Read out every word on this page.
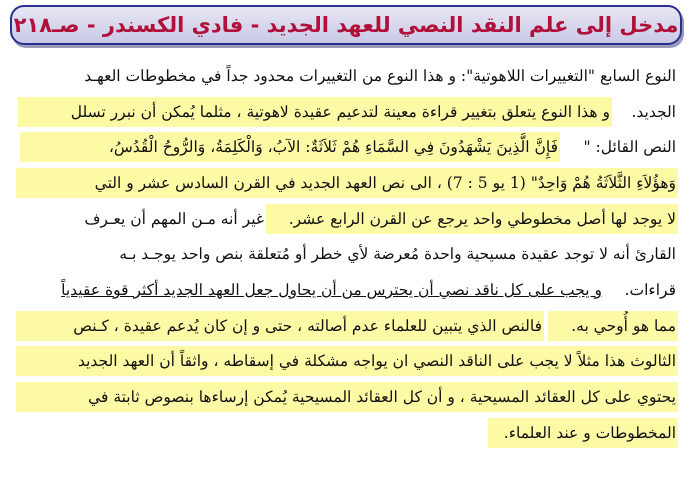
مدخل إلى علم النقد النصي للعهد الجديد - فادي الكسندر - صـ٢١٨
النوع السابع "التغييرات اللاهوتية": و هذا النوع من التغييرات محدود جداً في مخطوطات العهـد
الجديد.
و هذا النوع يتعلق بتغيير قراءة معينة لتدعيم عقيدة لاهوتية ، مثلما يُمكن أن نبرر تسلل
النص القائل: "
فَإِنَّ الَّذِينَ يَشْهَدُونَ فِي السَّمَاءِ هُمْ ثَلاَثَةٌ: الآبُ، وَالْكَلِمَةُ، وَالرُّوحُ الْقُدُسُ،
وَهؤُلاَءِ الثَّلاَثَةُ هُمْ وَاحِدٌ" (1 يو 5 : 7) ، الى نص العهد الجديد في القرن السادس عشر و التي
لا يوجد لها أصل مخطوطي واحد يرجع عن القرن الرابع عشر.
غير أنه مـن المهم أن يعـرف
القارئ أنه لا توجد عقيدة مسيحية واحدة مُعرضة لأي خطر أو مُتعلقة بنص واحد يوجـد بـه
قراءات.
و يجب على كل ناقد نصي أن يحترس من أن يحاول جعل العهد الجديد أكثر قوة عقيدياً
مما هو أُوحي به.
فالنص الذي يتبين للعلماء عدم أصالته ، حتى و إن كان يُدعم عقيدة ، كـنص
الثالوث هذا مثلاً لا يجب على الناقد النصي ان يواجه مشكلة في إسقاطه ، واثقاً أن العهد الجديد
يحتوي على كل العقائد المسيحية ، و أن كل العقائد المسيحية يُمكن إرساءها بنصوص ثابتة في
المخطوطات و عند العلماء.
